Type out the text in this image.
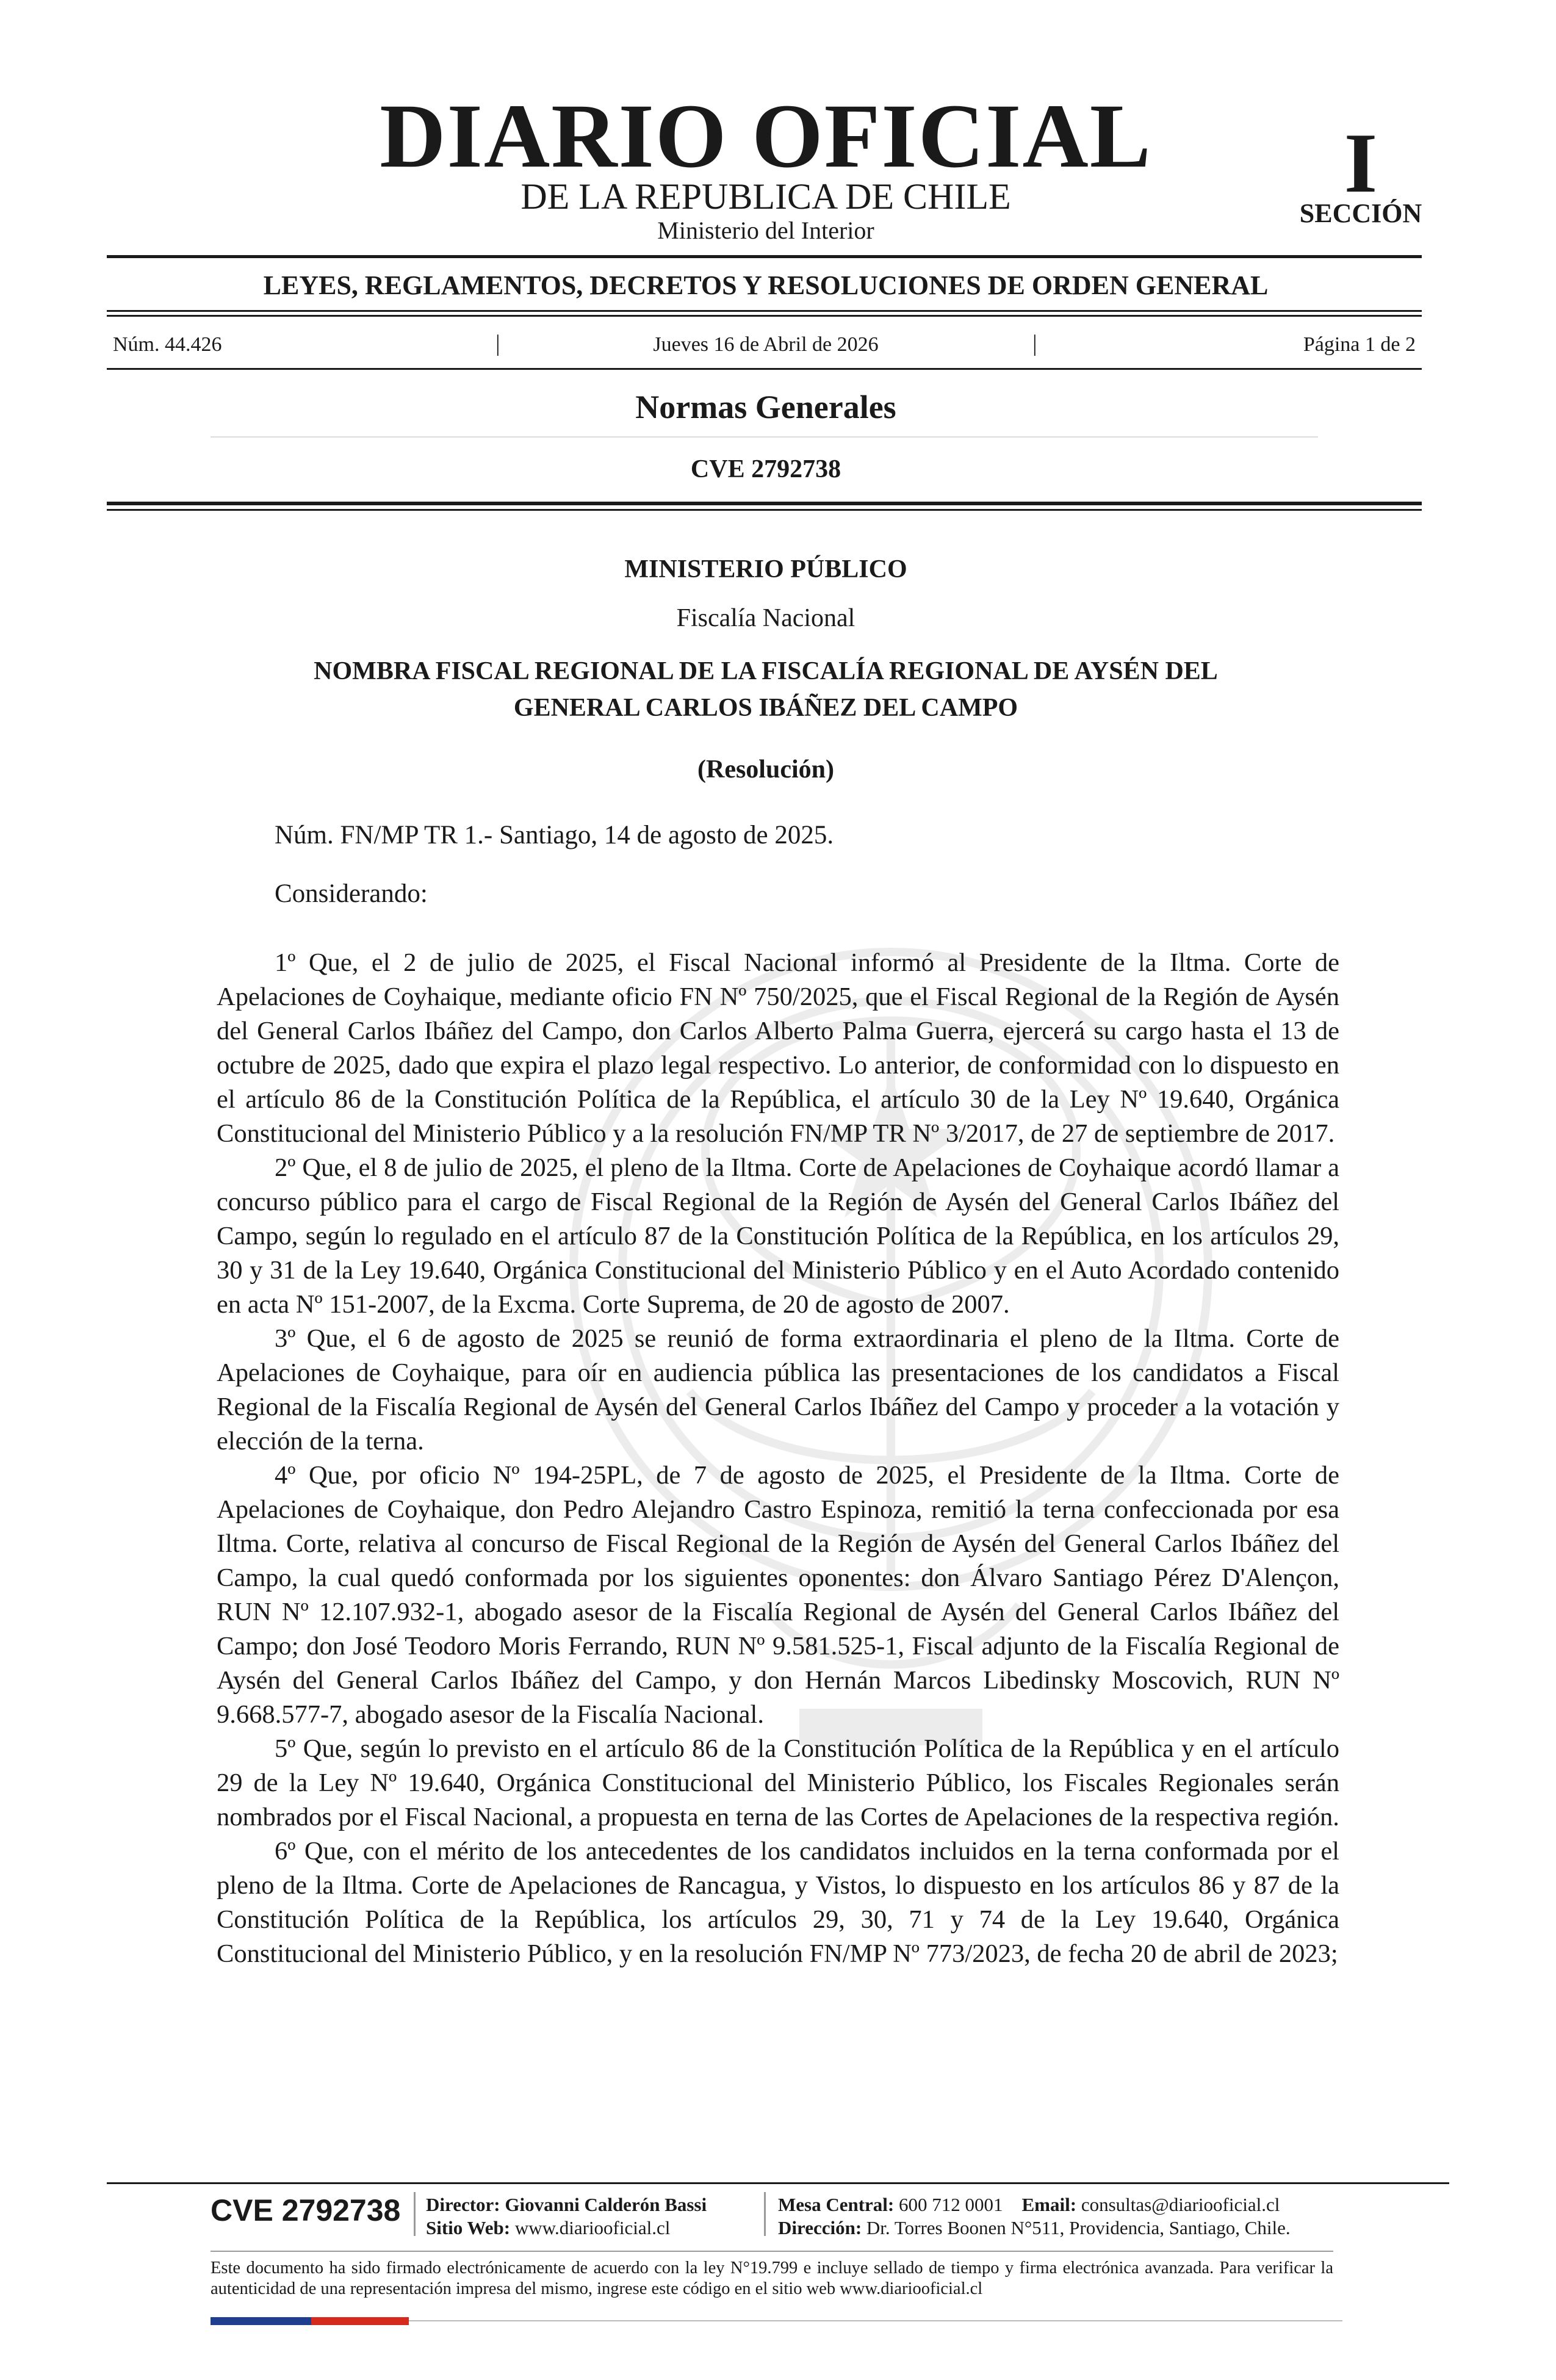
DIARIO OFICIAL
DE LA REPUBLICA DE CHILE
Ministerio del Interior
I
SECCIÓN
LEYES, REGLAMENTOS, DECRETOS Y RESOLUCIONES DE ORDEN GENERAL
Núm. 44.426	|	Jueves 16 de Abril de 2026	|	Página 1 de 2
Normas Generales
CVE 2792738
MINISTERIO PÚBLICO
Fiscalía Nacional
NOMBRA FISCAL REGIONAL DE LA FISCALÍA REGIONAL DE AYSÉN DEL
GENERAL CARLOS IBÁÑEZ DEL CAMPO
(Resolución)
Núm. FN/MP TR 1.- Santiago, 14 de agosto de 2025.
Considerando:

1º Que, el 2 de julio de 2025, el Fiscal Nacional informó al Presidente de la Iltma. Corte de Apelaciones de Coyhaique, mediante oficio FN Nº 750/2025, que el Fiscal Regional de la Región de Aysén del General Carlos Ibáñez del Campo, don Carlos Alberto Palma Guerra, ejercerá su cargo hasta el 13 de octubre de 2025, dado que expira el plazo legal respectivo. Lo anterior, de conformidad con lo dispuesto en el artículo 86 de la Constitución Política de la República, el artículo 30 de la Ley Nº 19.640, Orgánica Constitucional del Ministerio Público y a la resolución FN/MP TR Nº 3/2017, de 27 de septiembre de 2017.

2º Que, el 8 de julio de 2025, el pleno de la Iltma. Corte de Apelaciones de Coyhaique acordó llamar a concurso público para el cargo de Fiscal Regional de la Región de Aysén del General Carlos Ibáñez del Campo, según lo regulado en el artículo 87 de la Constitución Política de la República, en los artículos 29, 30 y 31 de la Ley 19.640, Orgánica Constitucional del Ministerio Público y en el Auto Acordado contenido en acta Nº 151-2007, de la Excma. Corte Suprema, de 20 de agosto de 2007.

3º Que, el 6 de agosto de 2025 se reunió de forma extraordinaria el pleno de la Iltma. Corte de Apelaciones de Coyhaique, para oír en audiencia pública las presentaciones de los candidatos a Fiscal Regional de la Fiscalía Regional de Aysén del General Carlos Ibáñez del Campo y proceder a la votación y elección de la terna.

4º Que, por oficio Nº 194-25PL, de 7 de agosto de 2025, el Presidente de la Iltma. Corte de Apelaciones de Coyhaique, don Pedro Alejandro Castro Espinoza, remitió la terna confeccionada por esa Iltma. Corte, relativa al concurso de Fiscal Regional de la Región de Aysén del General Carlos Ibáñez del Campo, la cual quedó conformada por los siguientes oponentes: don Álvaro Santiago Pérez D'Alençon, RUN Nº 12.107.932-1, abogado asesor de la Fiscalía Regional de Aysén del General Carlos Ibáñez del Campo; don José Teodoro Moris Ferrando, RUN Nº 9.581.525-1, Fiscal adjunto de la Fiscalía Regional de Aysén del General Carlos Ibáñez del Campo, y don Hernán Marcos Libedinsky Moscovich, RUN Nº 9.668.577-7, abogado asesor de la Fiscalía Nacional.

5º Que, según lo previsto en el artículo 86 de la Constitución Política de la República y en el artículo 29 de la Ley Nº 19.640, Orgánica Constitucional del Ministerio Público, los Fiscales Regionales serán nombrados por el Fiscal Nacional, a propuesta en terna de las Cortes de Apelaciones de la respectiva región.

6º Que, con el mérito de los antecedentes de los candidatos incluidos en la terna conformada por el pleno de la Iltma. Corte de Apelaciones de Rancagua, y Vistos, lo dispuesto en los artículos 86 y 87 de la Constitución Política de la República, los artículos 29, 30, 71 y 74 de la Ley 19.640, Orgánica Constitucional del Ministerio Público, y en la resolución FN/MP Nº 773/2023, de fecha 20 de abril de 2023;

CVE 2792738 Director: Giovanni Calderón Bassi
Sitio Web: www.diariooficial.cl
Mesa Central: 600 712 0001 Email: consultas@diariooficial.cl
Dirección: Dr. Torres Boonen N°511, Providencia, Santiago, Chile.
Este documento ha sido firmado electrónicamente de acuerdo con la ley N°19.799 e incluye sellado de tiempo y firma electrónica avanzada. Para verificar la autenticidad de una representación impresa del mismo, ingrese este código en el sitio web www.diariooficial.cl
